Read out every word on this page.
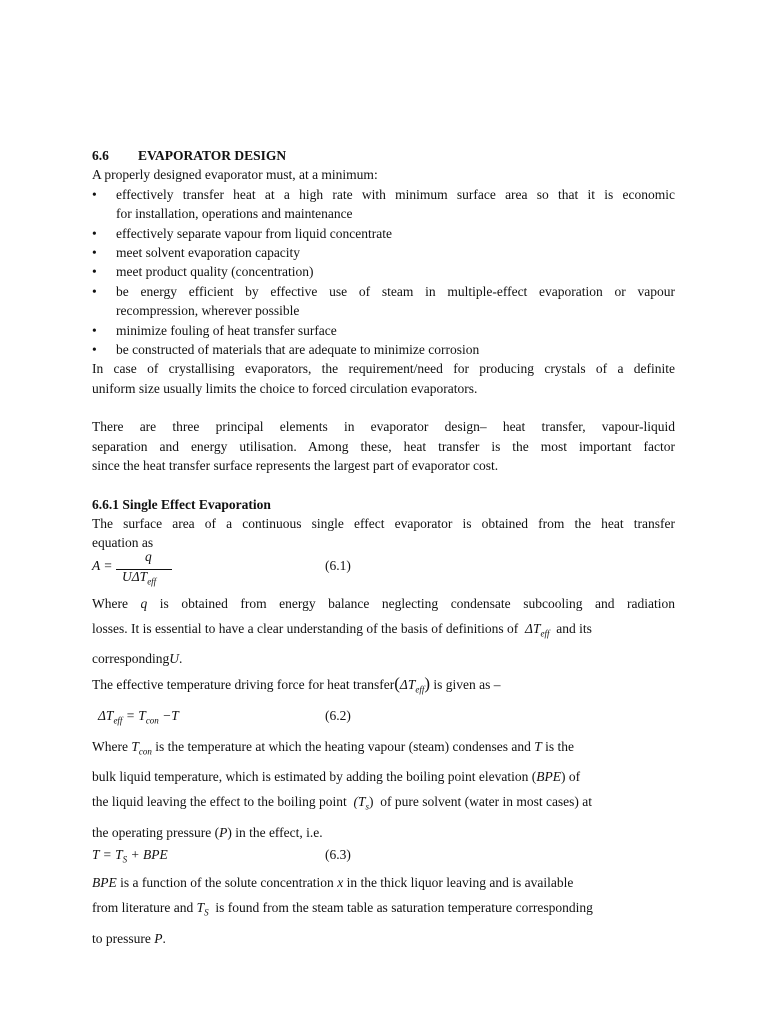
6.6 EVAPORATOR DESIGN
A properly designed evaporator must, at a minimum:
• effectively transfer heat at a high rate with minimum surface area so that it is economic
for installation, operations and maintenance
• effectively separate vapour from liquid concentrate
• meet solvent evaporation capacity
• meet product quality (concentration)
• be energy efficient by effective use of steam in multiple-effect evaporation or vapour
recompression, wherever possible
• minimize fouling of heat transfer surface
• be constructed of materials that are adequate to minimize corrosion
In case of crystallising evaporators, the requirement/need for producing crystals of a definite
uniform size usually limits the choice to forced circulation evaporators.
There are three principal elements in evaporator design– heat transfer, vapour-liquid
separation and energy utilisation. Among these, heat transfer is the most important factor
since the heat transfer surface represents the largest part of evaporator cost.
6.6.1 Single Effect Evaporation
The surface area of a continuous single effect evaporator is obtained from the heat transfer
equation as
A =
q
$U\Delta T_{eff}$
(6.1)
Where q is obtained from energy balance neglecting condensate subcooling and radiation
losses. It is essential to have a clear understanding of the basis of definitions of $\Delta T_{eff}$ and its
correspondingU.
The effective temperature driving force for heat $transfer(\Delta T_{eff})$ is given as –
$\Delta T_{eff} = T_{con} -T$	(6.2)
Where $T_{con}$ is the temperature at which the heating vapour (steam) condenses and T is the
bulk liquid temperature, which is estimated by adding the boiling point elevation (BPE) of
the liquid leaving the effect to the boiling point $(T_s)$ of pure solvent (water in most cases) at
the operating pressure (P) in the effect, i.e.
$T = T_S$ + BPE	(6.3)
BPE is a function of the solute concentration x in the thick liquor leaving and is available
from literature and $T_S$ is found from the steam table as saturation temperature corresponding
to pressure P.
